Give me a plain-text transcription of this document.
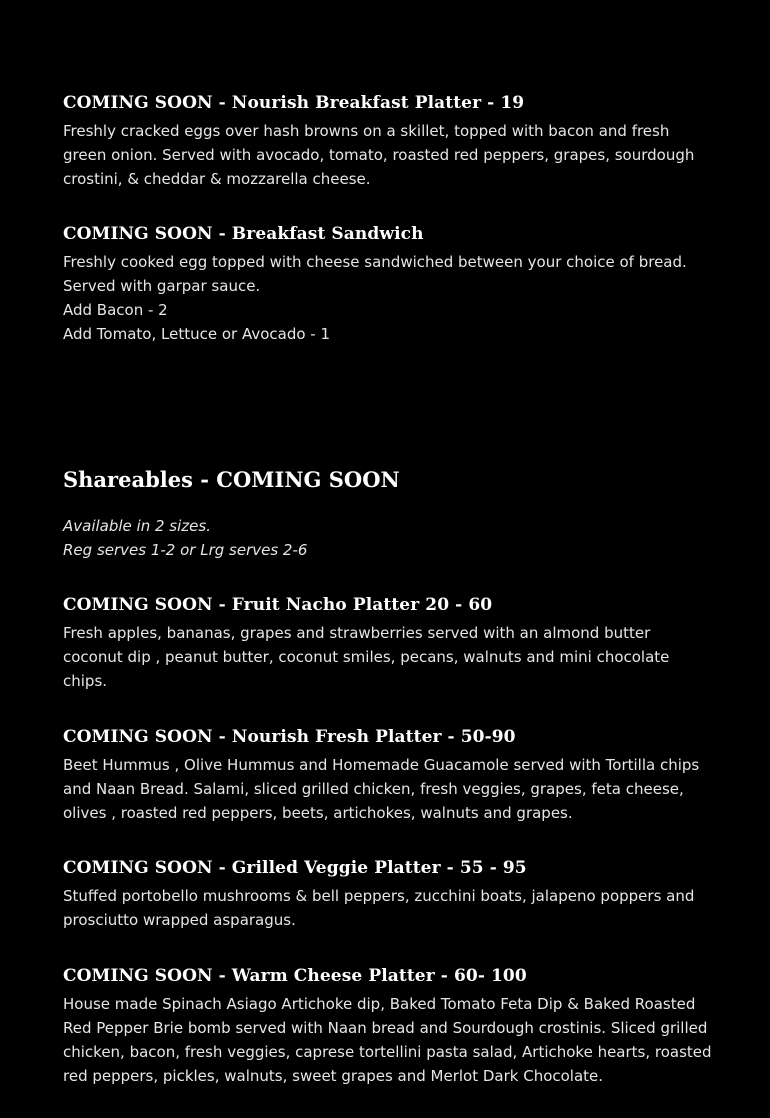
COMING SOON - Nourish Breakfast Platter - 19
Freshly cracked eggs over hash browns on a skillet, topped with bacon and fresh green onion. Served with avocado, tomato, roasted red peppers, grapes, sourdough crostini, & cheddar & mozzarella cheese.
COMING SOON - Breakfast Sandwich
Freshly cooked egg topped with cheese sandwiched between your choice of bread.
Served with garpar sauce.
Add Bacon - 2
Add Tomato, Lettuce or Avocado - 1
Shareables - COMING SOON
Available in 2 sizes.
Reg serves 1-2 or Lrg serves 2-6
COMING SOON - Fruit Nacho Platter 20 - 60
Fresh apples, bananas, grapes and strawberries served with an almond butter coconut dip , peanut butter, coconut smiles, pecans, walnuts and mini chocolate chips.
COMING SOON - Nourish Fresh Platter - 50-90
Beet Hummus , Olive Hummus and Homemade Guacamole served with Tortilla chips and Naan Bread. Salami, sliced grilled chicken, fresh veggies, grapes, feta cheese, olives , roasted red peppers, beets, artichokes, walnuts and grapes.
COMING SOON - Grilled Veggie Platter - 55 - 95
Stuffed portobello mushrooms & bell peppers, zucchini boats, jalapeno poppers and prosciutto wrapped asparagus.
COMING SOON - Warm Cheese Platter - 60- 100
House made Spinach Asiago Artichoke dip, Baked Tomato Feta Dip & Baked Roasted Red Pepper Brie bomb served with Naan bread and Sourdough crostinis. Sliced grilled chicken, bacon, fresh veggies, caprese tortellini pasta salad, Artichoke hearts, roasted red peppers, pickles, walnuts, sweet grapes and Merlot Dark Chocolate.
